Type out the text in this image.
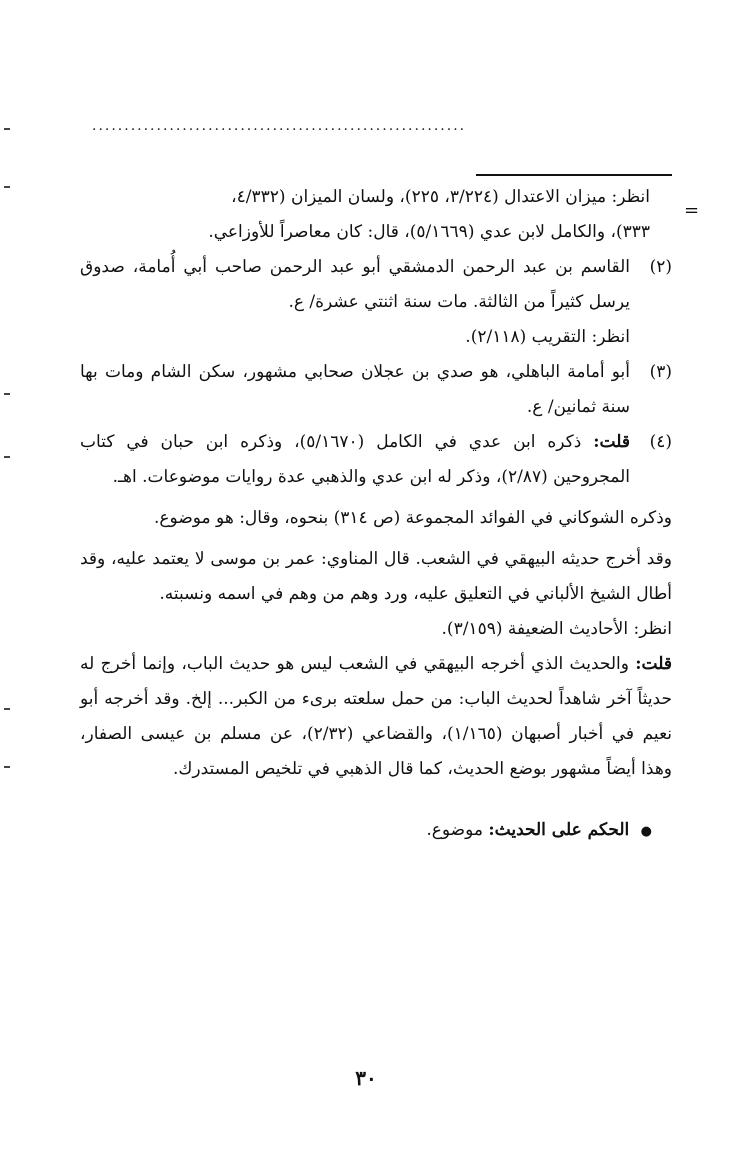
..........................................................
=

انظر: ميزان الاعتدال (٣/٢٢٤، ٢٢٥)، ولسان الميزان (٤/٣٣٢،

٣٣٣)، والكامل لابن عدي (٥/١٦٦٩)، قال: كان معاصراً للأوزاعي.

(٢)

القاسم بن عبد الرحمن الدمشقي أبو عبد الرحمن صاحب أبي أُمامة، صدوق يرسل كثيراً من الثالثة. مات سنة اثنتي عشرة/ ع.

انظر: التقريب (٢/١١٨).

(٣)

أبو أمامة الباهلي، هو صدي بن عجلان صحابي مشهور، سكن الشام ومات بها سنة ثمانين/ ع.

(٤)

قلت: ذكره ابن عدي في الكامل (٥/١٦٧٠)، وذكره ابن حبان في كتاب المجروحين (٢/٨٧)، وذكر له ابن عدي والذهبي عدة روايات موضوعات. اهـ.

وذكره الشوكاني في الفوائد المجموعة (ص ٣١٤) بنحوه، وقال: هو موضوع.

وقد أخرج حديثه البيهقي في الشعب. قال المناوي: عمر بن موسى لا يعتمد عليه، وقد أطال الشيخ الألباني في التعليق عليه، ورد وهم من وهم في اسمه ونسبته.

انظر: الأحاديث الضعيفة (٣/١٥٩).

قلت: والحديث الذي أخرجه البيهقي في الشعب ليس هو حديث الباب، وإنما أخرج له حديثاً آخر شاهداً لحديث الباب: من حمل سلعته برىء من الكبر... إلخ. وقد أخرجه أبو نعيم في أخبار أصبهان (١/١٦٥)، والقضاعي (٢/٣٢)، عن مسلم بن عيسى الصفار، وهذا أيضاً مشهور بوضع الحديث، كما قال الذهبي في تلخيص المستدرك.

● الحكم على الحديث: موضوع.

٣٠
